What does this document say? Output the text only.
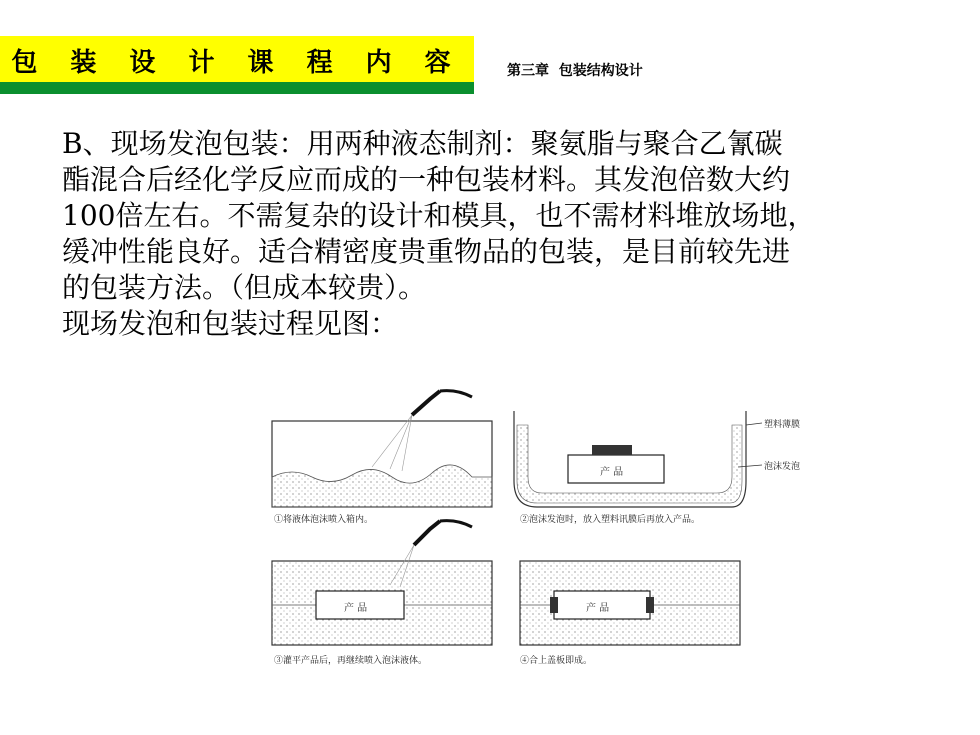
包 装 设 计 课 程 内 容	第三章  包装结构设计

B、现场发泡包装：用两种液态制剂：聚氨脂与聚合乙氰碳

酯混合后经化学反应而成的一种包装材料。其发泡倍数大约

100倍左右。不需复杂的设计和模具，也不需材料堆放场地，

缓冲性能良好。适合精密度贵重物品的包装，是目前较先进

的包装方法。（但成本较贵）。

现场发泡和包装过程见图：

①将液体泡沫喷入箱内。	②泡沫发泡时，放入塑料讯膜后再放入产品。
③灌平产品后，再继续喷入泡沫液体。	④合上盖板即成。
塑料薄膜
泡沫发泡
产 品
产 品	产 品
